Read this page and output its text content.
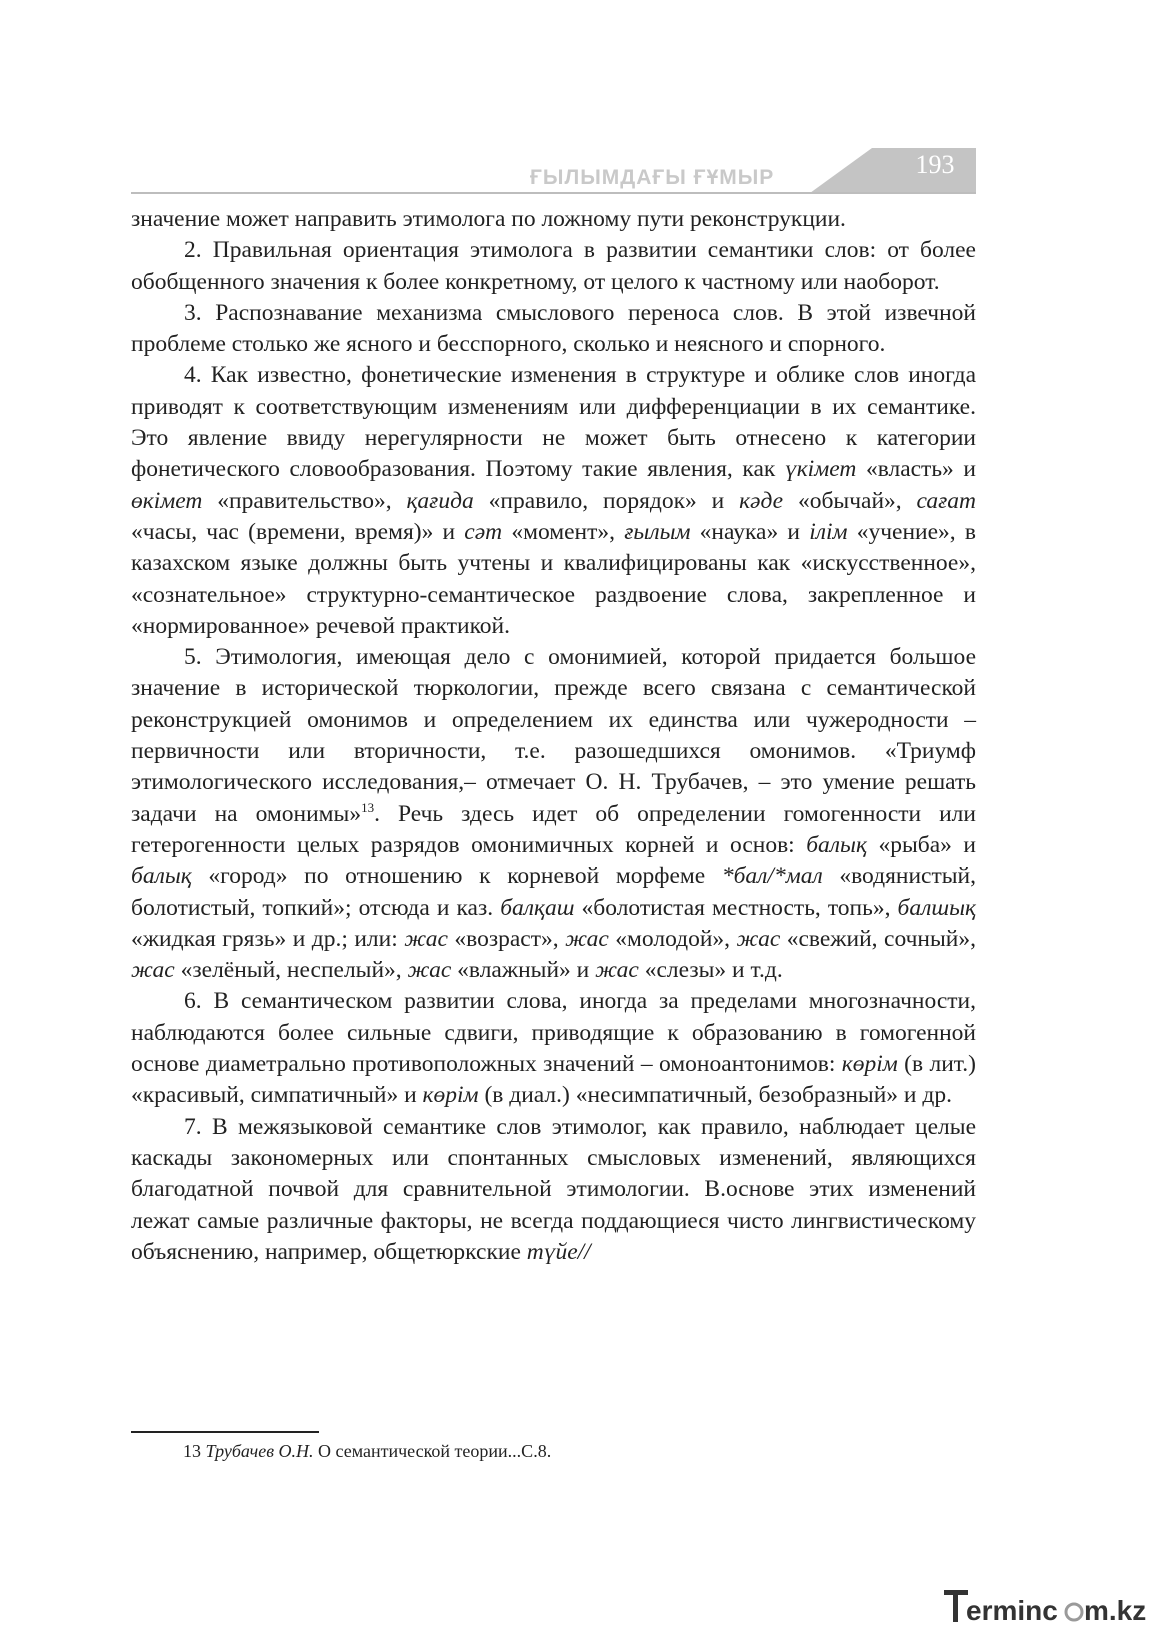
ҒЫЛЫМДАҒЫ ҒҰМЫР	193

значение может направить этимолога по ложному пути реконструкции.

2. Правильная ориентация этимолога в развитии семантики слов: от более обобщенного значения к более конкретному, от целого к частному или наоборот.

3. Распознавание механизма смыслового переноса слов. В этой извечной проблеме столько же ясного и бесспорного, сколько и неясного и спорного.

4. Как известно, фонетические изменения в структуре и облике слов иногда приводят к соответствующим изменениям или дифференциации в их семантике. Это явление ввиду нерегулярности не может быть отнесено к категории фонетического словообразования. Поэтому такие явления, как үкімет «власть» и өкімет «правительство», қағида «правило, порядок» и кәде «обычай», сағат «часы, час (времени, время)» и сәт «момент», ғылым «наука» и ілім «учение», в казахском языке должны быть учтены и квалифицированы как «искусственное», «сознательное» структурно-семантическое раздвоение слова, закрепленное и «нормированное» речевой практикой.

5. Этимология, имеющая дело с омонимией, которой придается большое значение в исторической тюркологии, прежде всего связана с семантической реконструкцией омонимов и определением их единства или чужеродности – первичности или вторичности, т.е. разошедшихся омонимов. «Триумф этимологического исследования,– отмечает О. Н. Трубачев, – это умение решать задачи на омонимы»$^{13}$. Речь здесь идет об определении гомогенности или гетерогенности целых разрядов омонимичных корней и основ: балық «рыба» и балық «город» по отношению к корневой морфеме *бал/*мал «водянистый, болотистый, топкий»; отсюда и каз. балқаш «болотистая местность, топь», балшық «жидкая грязь» и др.; или: жас «возраст», жас «молодой», жас «свежий, сочный», жас «зелёный, неспелый», жас «влажный» и жас «слезы» и т.д.

6. В семантическом развитии слова, иногда за пределами многозначности, наблюдаются более сильные сдвиги, приводящие к образованию в гомогенной основе диаметрально противоположных значений – омоноантонимов: көрім (в лит.) «красивый, симпатичный» и көрім (в диал.) «несимпатичный, безобразный» и др.

7. В межязыковой семантике слов этимолог, как правило, наблюдает целые каскады закономерных или спонтанных смысловых изменений, являющихся благодатной почвой для сравнительной этимологии. В.основе этих изменений лежат самые различные факторы, не всегда поддающиеся чисто лингвистическому объяснению, например, общетюркские түйе//

13 Трубачев О.Н. О семантической теории...С.8.
erminc m.kz
